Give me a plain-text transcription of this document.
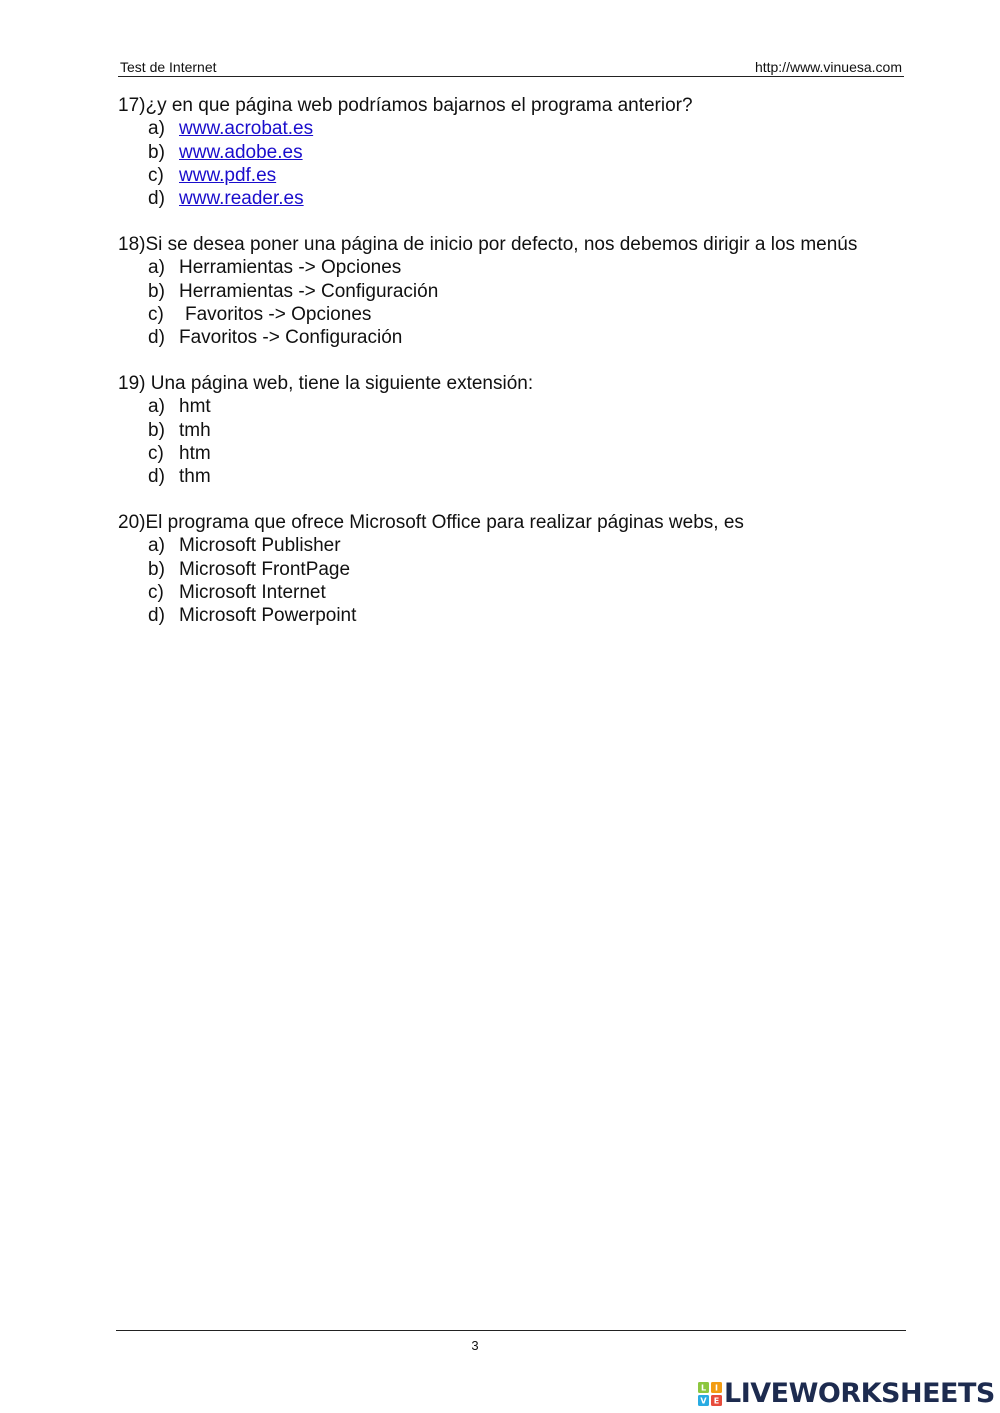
Test de Internet	http://www.vinuesa.com
17)¿y en que página web podríamos bajarnos el programa anterior?
a) www.acrobat.es
b) www.adobe.es
c) www.pdf.es
d) www.reader.es
18)Si se desea poner una página de inicio por defecto, nos debemos dirigir a los menús
a) Herramientas -> Opciones
b) Herramientas -> Configuración
c) Favoritos -> Opciones
d) Favoritos -> Configuración
19) Una página web, tiene la siguiente extensión:
a) hmt
b) tmh
c) htm
d) thm
20)El programa que ofrece Microsoft Office para realizar páginas webs, es
a) Microsoft Publisher
b) Microsoft FrontPage
c) Microsoft Internet
d) Microsoft Powerpoint
3
L I
V E LIVEWORKSHEETS
